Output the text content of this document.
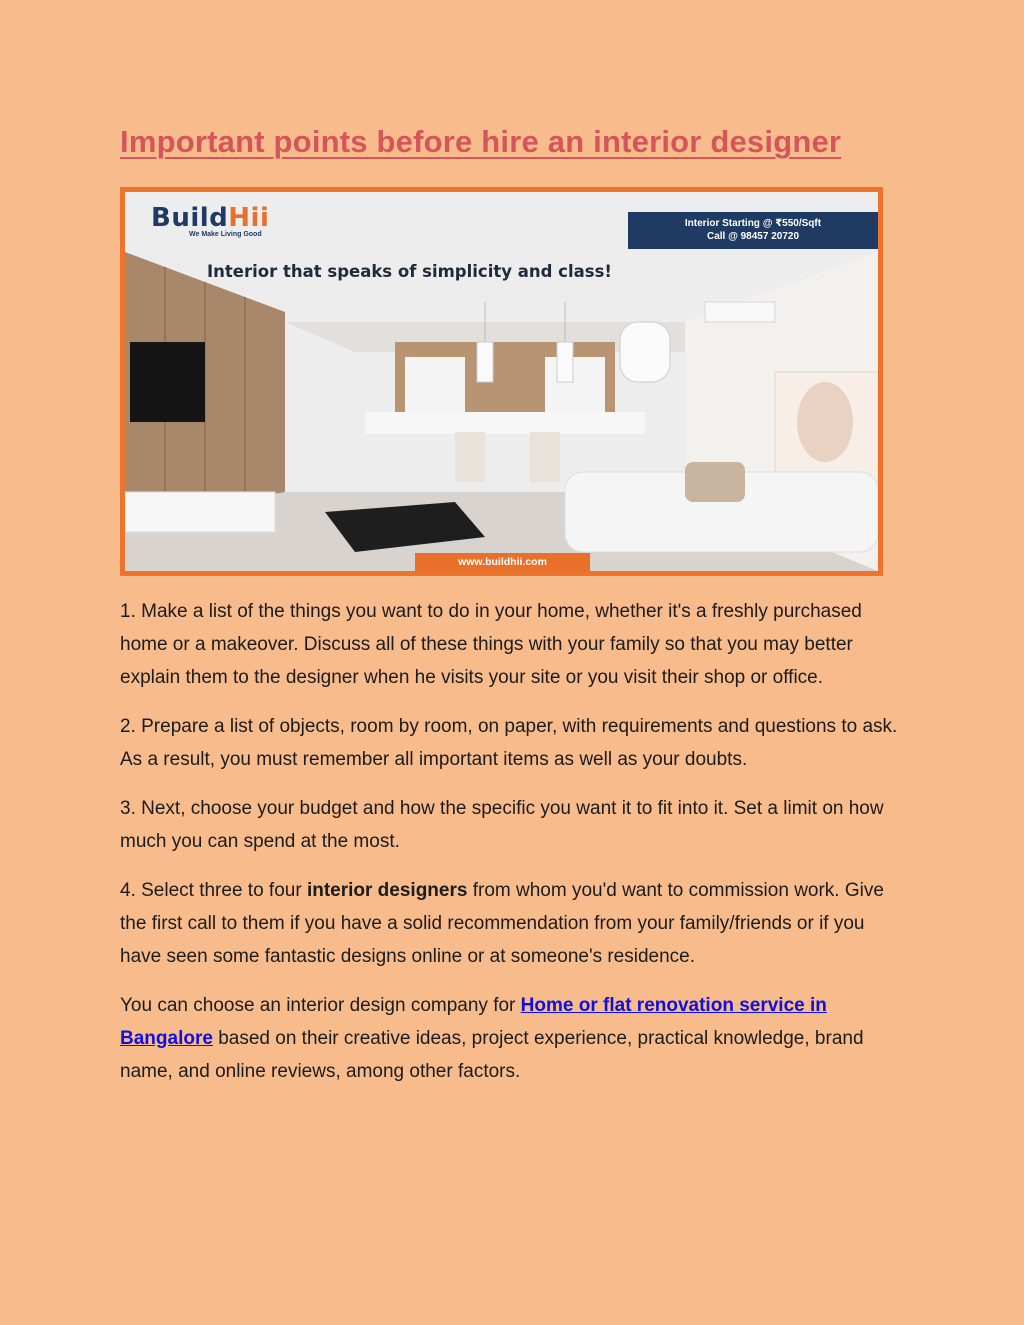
Important points before hire an interior designer
BuildHii
We Make Living Good
Interior Starting @ ₹550/Sqft
Call @ 98457 20720
Interior that speaks of simplicity and class!
www.buildhii.com

1. Make a list of the things you want to do in your home, whether it's a freshly purchased home or a makeover. Discuss all of these things with your family so that you may better explain them to the designer when he visits your site or you visit their shop or office.

2. Prepare a list of objects, room by room, on paper, with requirements and questions to ask. As a result, you must remember all important items as well as your doubts.

3. Next, choose your budget and how the specific you want it to fit into it. Set a limit on how much you can spend at the most.

4. Select three to four interior designers from whom you'd want to commission work. Give the first call to them if you have a solid recommendation from your family/friends or if you have seen some fantastic designs online or at someone's residence.

You can choose an interior design company for Home or flat renovation service in Bangalore based on their creative ideas, project experience, practical knowledge, brand name, and online reviews, among other factors.
